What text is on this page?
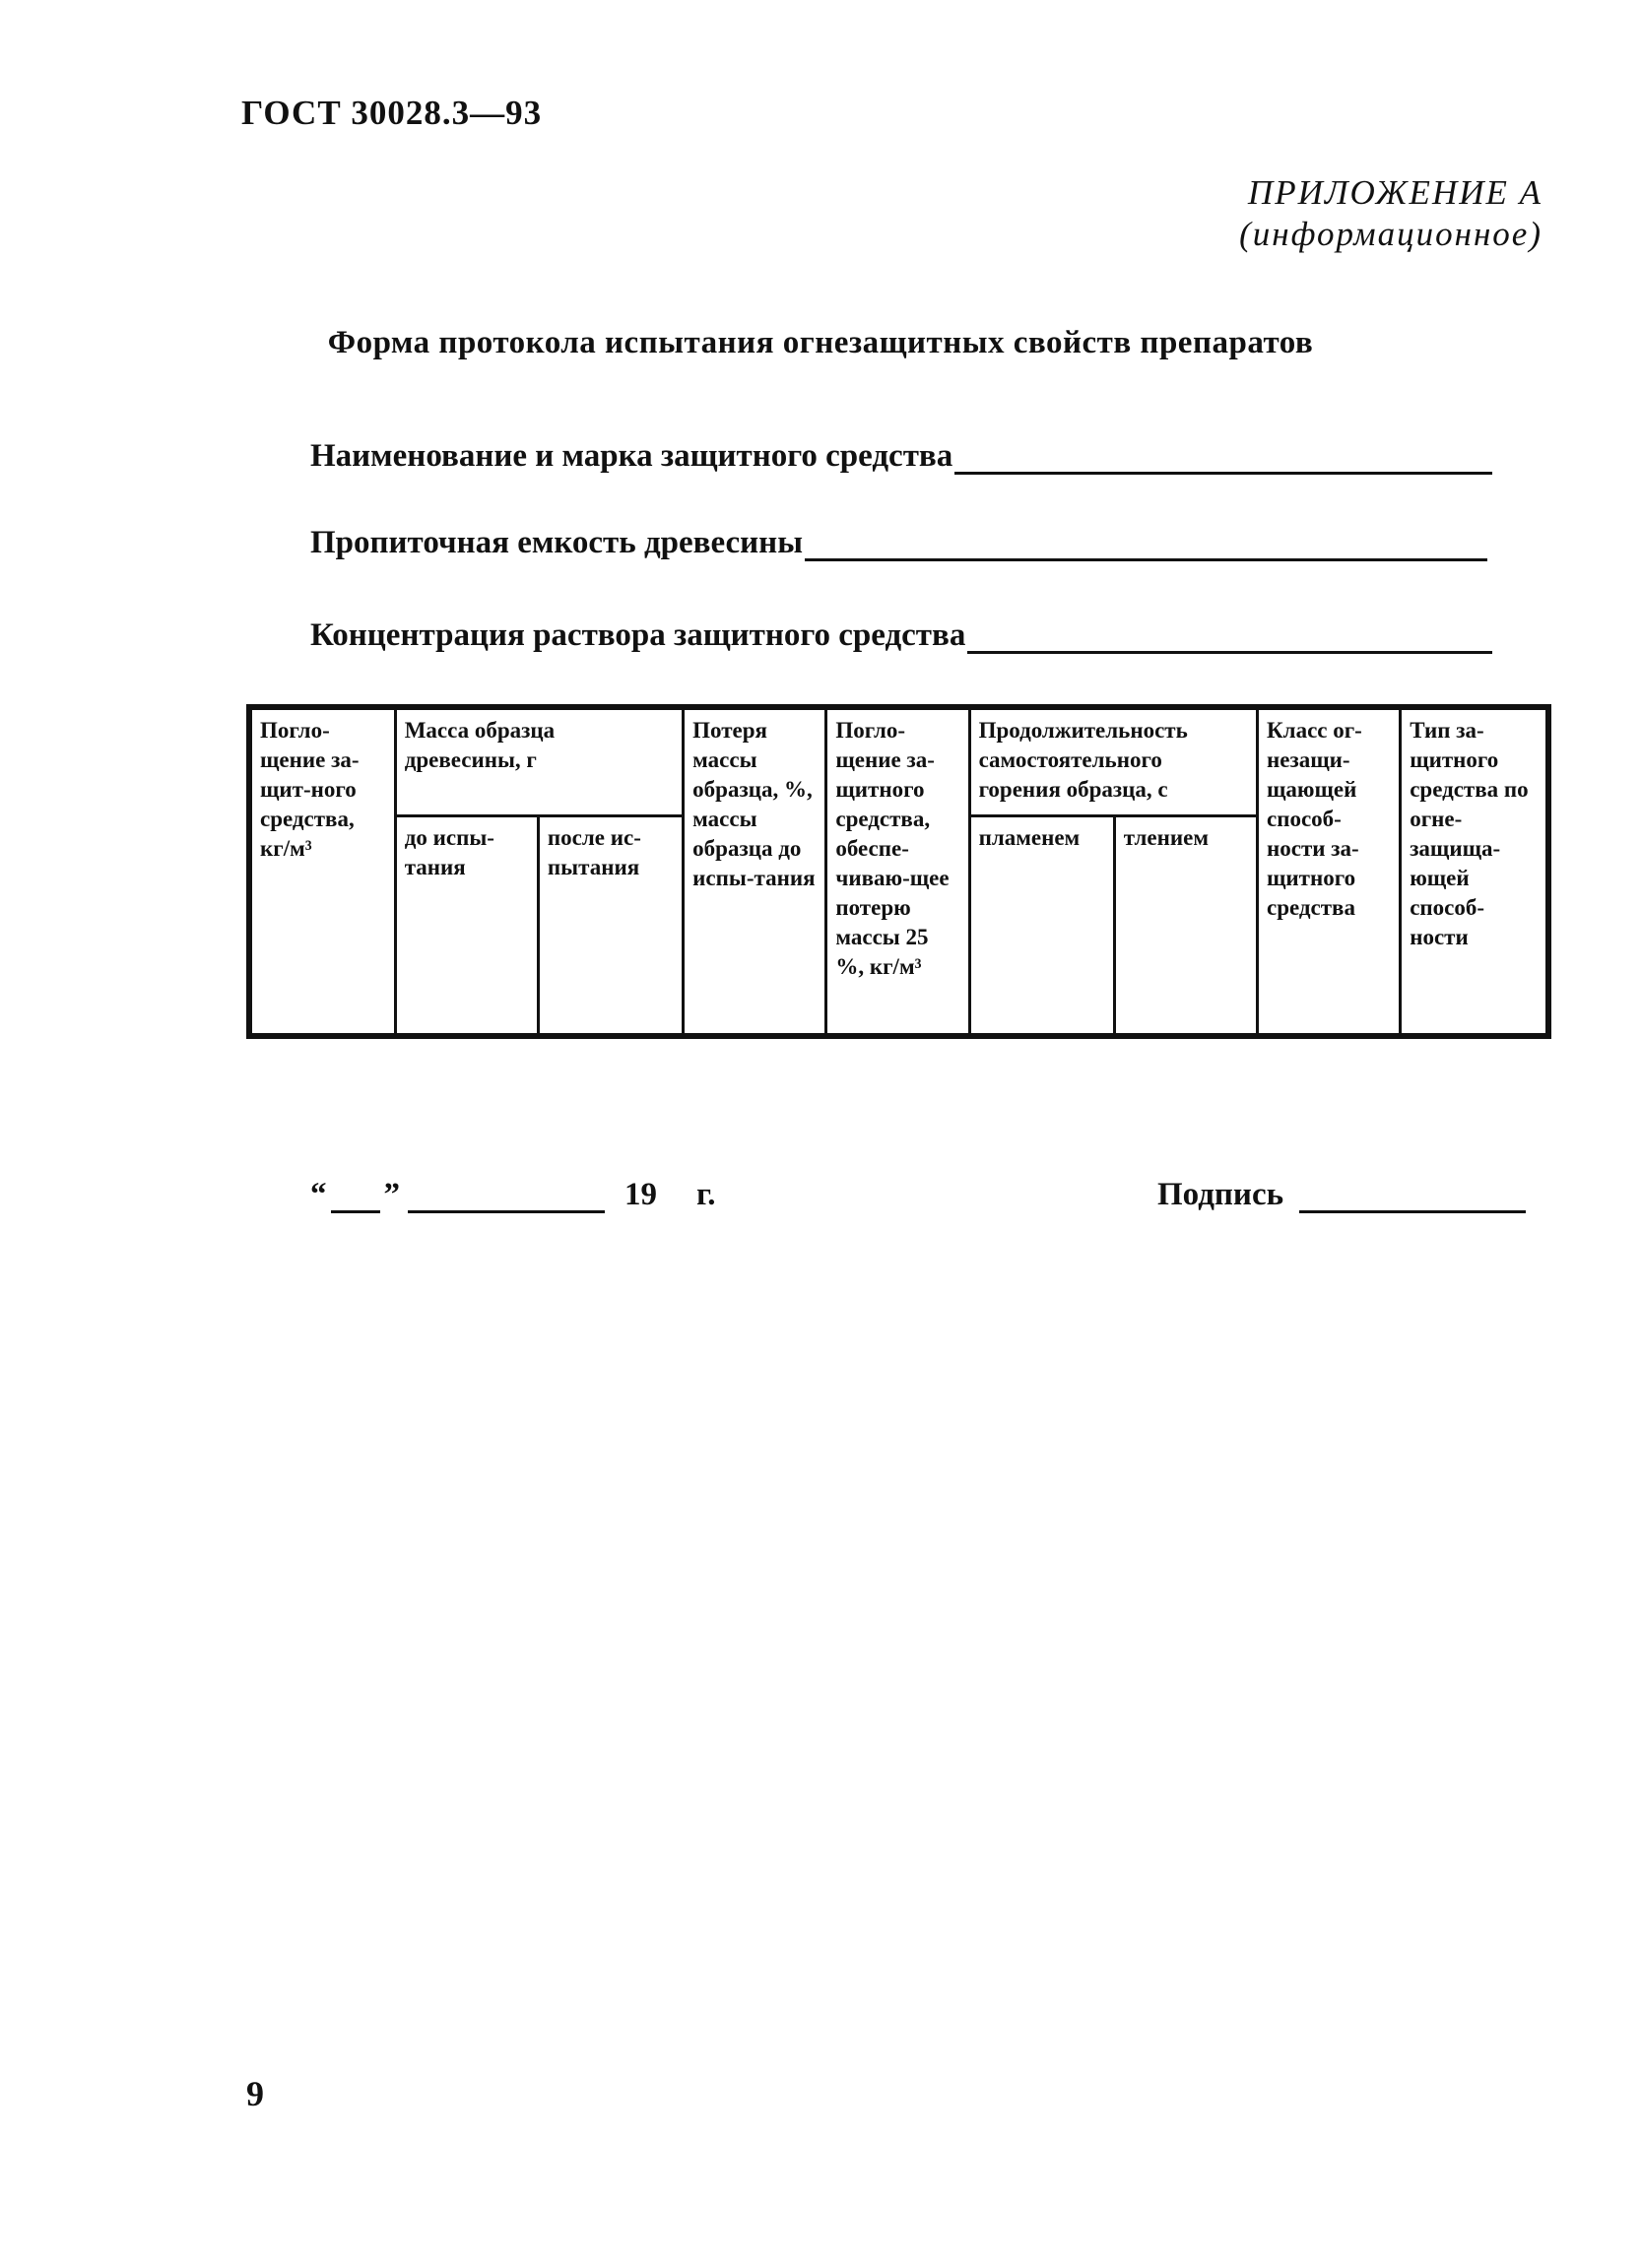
ГОСТ 30028.3—93
ПРИЛОЖЕНИЕ А
(информационное)
Форма протокола испытания огнезащитных свойств препаратов
Наименование и марка защитного средства
Пропиточная емкость древесины
Концентрация раствора защитного средства
Погло-щение за-щит-ного средства, кг/м³	Масса образца древесины, г		Потеря массы образца, %, массы образца до испы-тания	Погло-щение за-щитного средства, обеспе-чиваю-щее потерю массы 25 %, кг/м³	Продолжительность самостоятельного горения образца, с		Класс ог-незащи-щающей способ-ности за-щитного средства	Тип за-щитного средства по огне-защища-ющей способ-ности
	до испы-тания	после ис-пытания			пламенем	тлением		
“ ”	19 г.	Подпись
9
